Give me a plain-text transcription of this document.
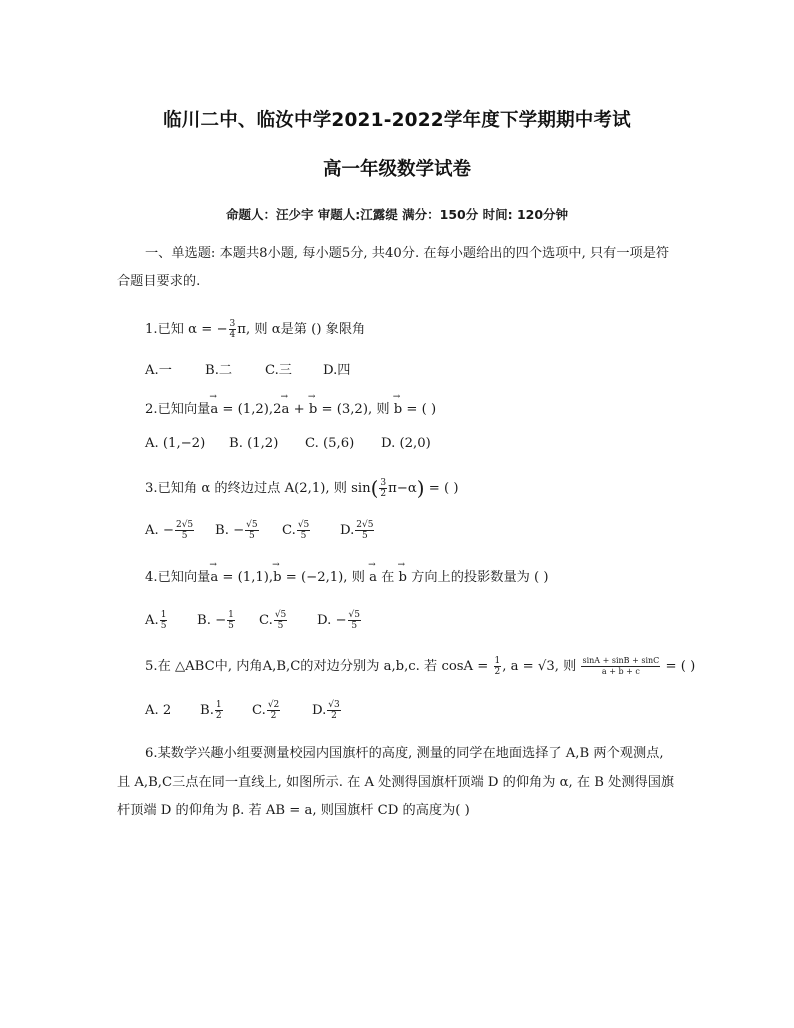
临川二中、临汝中学2021-2022学年度下学期期中考试
高一年级数学试卷
命题人：汪少宇 审题人:江露缇 满分：150分 时间: 120分钟
一、单选题: 本题共8小题, 每小题5分, 共40分. 在每小题给出的四个选项中, 只有一项是符合题目要求的.
1.已知 α = − $\frac{3}{4} \pi$, 则 α是第 () 象限角
A.一	B.二 C.三 D.四
2.已知向量→ a = (1,2),2→ a + → b = (3,2), 则 → b = ( )
A. (1,−2) B. (1,2) C. (5,6) D. (2,0)
3.已知角 α 的终边过点 A(2,1), 则 $\sin( \frac{3}{2} \pi-\alpha)$ = ( )
A. − $\frac{2√5}{5} B$. − $\frac{√5}{5} C$. $\frac{√5}{5} D$. $\frac{2√5}{5}$
4.已知向量→ a = (1,1),→ b = (−2,1), 则 → a 在 → b 方向上的投影数量为 ( )
A. $\frac{1}{5} B$. − $\frac{1}{5} C$. $\frac{√5}{5} D$. − $\frac{√5}{5}$
5.在 △ABC中, 内角A,B,C的对边分别为 a,b,c. 若 $\cos A = \frac{1}{2}$ , a = √3, 则 $\frac{\sin A + \sin B + \sin C}{a + b + c}$ = ( )
A. 2 B. $\frac{1}{2} C$. $\frac{√2}{2} D$. $\frac{√3}{2}$
6.某数学兴趣小组要测量校园内国旗杆的高度, 测量的同学在地面选择了 A,B 两个观测点, 且 A,B,C三点在同一直线上, 如图所示. 在 A 处测得国旗杆顶端 D 的仰角为 α, 在 B 处测得国旗杆顶端 D 的仰角为 β. 若 AB = a, 则国旗杆 CD 的高度为( )
